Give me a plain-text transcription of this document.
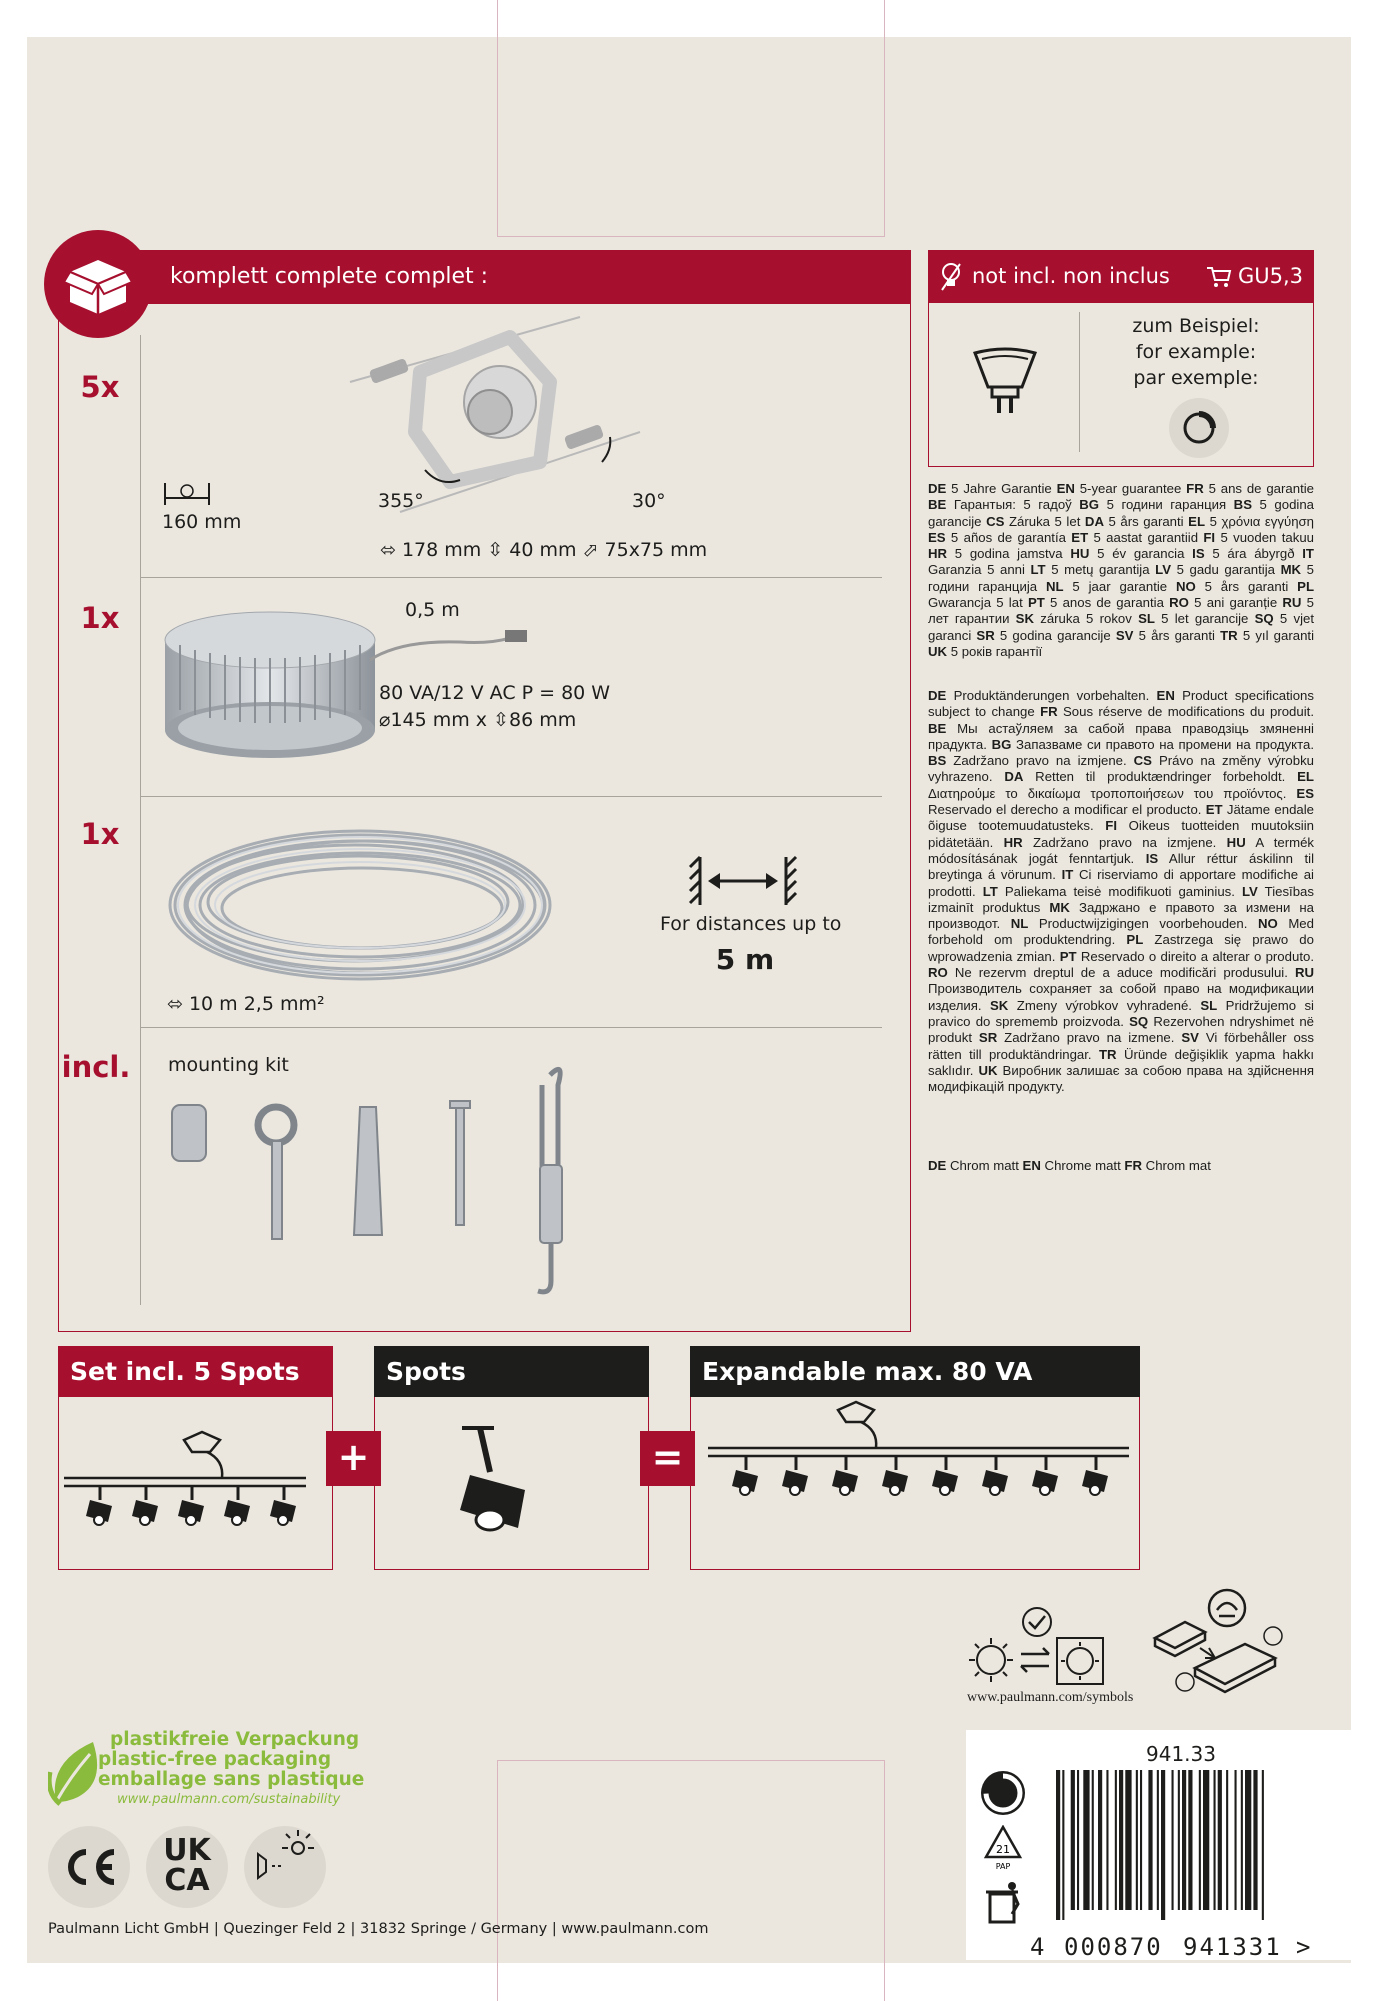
komplett complete complet :
5x
355°	30°
160 mm
⬄ 178 mm ⇳ 40 mm ⬀ 75x75 mm
1x	0,5 m
80 VA/12 V AC P = 80 W
⌀145 mm x ⇳86 mm
1x
For distances up to
5 m
⬄ 10 m 2,5 mm²
incl. mounting kit
not incl. non inclus	GU5,3
zum Beispiel:
for example:
par exemple:
DE 5 Jahre Garantie EN 5-year guarantee FR 5 ans de garantie BE Гарантыя: 5 гадоў BG 5 години гаранция BS 5 godina garancije CS Záruka 5 let DA 5 års garanti EL 5 χρόνια εγγύηση ES 5 años de garantía ET 5 aastat garantiid FI 5 vuoden takuu HR 5 godina jamstva HU 5 év garancia IS 5 ára ábyrgð IT Garanzia 5 anni LT 5 metų garantija LV 5 gadu garantija MK 5 години гаранција NL 5 jaar garantie NO 5 års garanti PL Gwarancja 5 lat PT 5 anos de garantia RO 5 ani garanție RU 5 лет гарантии SK záruka 5 rokov SL 5 let garancije SQ 5 vjet garanci SR 5 godina garancije SV 5 års garanti TR 5 yıl garanti UK 5 років гарантії
DE Produktänderungen vorbehalten. EN Product specifications subject to change FR Sous réserve de modifications du produit. BE Мы астаўляем за сабой права праводзіць змяненні прадукта. BG Запазваме си правото на промени на продукта. BS Zadržano pravo na izmjene. CS Právo na změny výrobku vyhrazeno. DA Retten til produktændringer forbeholdt. EL Διατηρούμε το δικαίωμα τροποποιήσεων του προϊόντος. ES Reservado el derecho a modificar el producto. ET Jätame endale õiguse tootemuudatusteks. FI Oikeus tuotteiden muutoksiin pidätetään. HR Zadržano pravo na izmjene. HU A termék módosításának jogát fenntartjuk. IS Allur réttur áskilinn til breytinga á vörunum. IT Ci riserviamo di apportare modifiche ai prodotti. LT Paliekama teisė modifikuoti gaminius. LV Tiesības izmainīt produktus MK Задржано е правото за измени на производот. NL Productwijzigingen voorbehouden. NO Med forbehold om produktendring. PL Zastrzega się prawo do wprowadzenia zmian. PT Reservado o direito a alterar o produto. RO Ne rezervm dreptul de a aduce modificări produsului. RU Производитель сохраняет за собой право на модификации изделия. SK Zmeny výrobkov vyhradené. SL Pridržujemo si pravico do sprememb proizvoda. SQ Rezervohen ndryshimet në produkt SR Zadržano pravo na izmene. SV Vi förbehåller oss rätten till produktändringar. TR Üründe değişiklik yapma hakkı saklıdır. UK Виробник залишає за собою права на здійснення модифікацій продукту.
DE Chrom matt EN Chrome matt FR Chrom mat
Set incl. 5 Spots
+
Spots
=
Expandable max. 80 VA
www.paulmann.com/symbols
plastikfreie Verpackung
plastic-free packaging
emballage sans plastique
www.paulmann.com/sustainability
UK
CA
Paulmann Licht GmbH | Quezinger Feld 2 | 31832 Springe / Germany | www.paulmann.com
941.33
21
PAP
4 000870 941331 >
